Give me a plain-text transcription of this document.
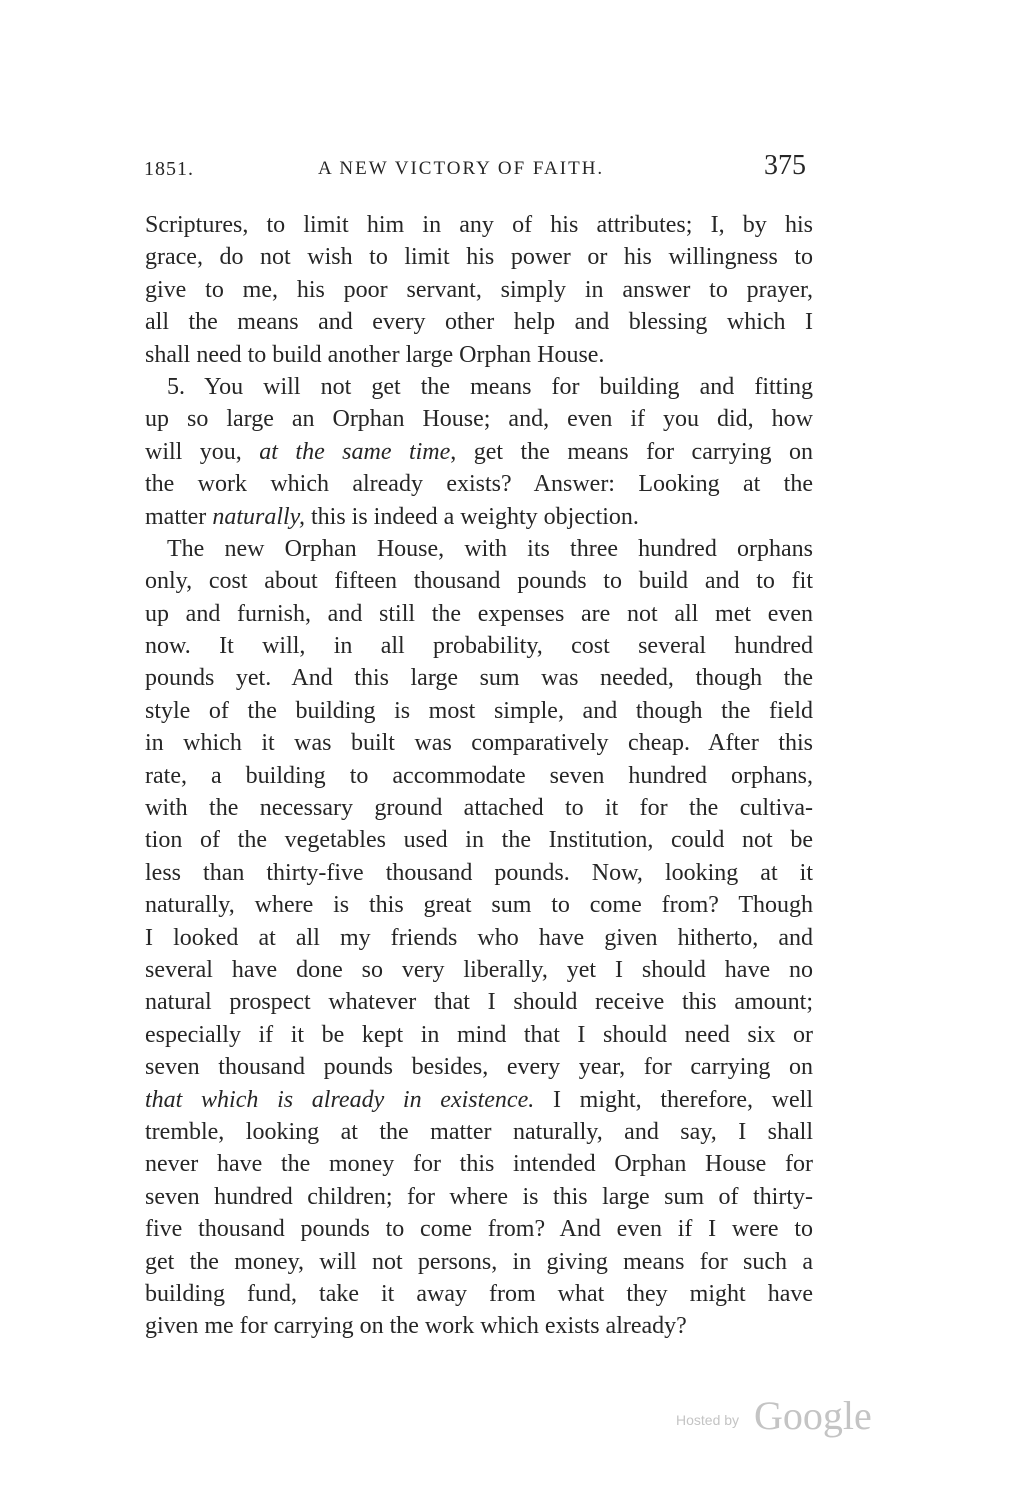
1851.	A NEW VICTORY OF FAITH.	375
Scriptures, to limit him in any of his attributes; I, by his
grace, do not wish to limit his power or his willingness to
give to me, his poor servant, simply in answer to prayer,
all the means and every other help and blessing which I
shall need to build another large Orphan House.
5. You will not get the means for building and fitting
up so large an Orphan House; and, even if you did, how
will you, at the same time, get the means for carrying on
the work which already exists? Answer: Looking at the
matter naturally, this is indeed a weighty objection.
The new Orphan House, with its three hundred orphans
only, cost about fifteen thousand pounds to build and to fit
up and furnish, and still the expenses are not all met even
now. It will, in all probability, cost several hundred
pounds yet. And this large sum was needed, though the
style of the building is most simple, and though the field
in which it was built was comparatively cheap. After this
rate, a building to accommodate seven hundred orphans,
with the necessary ground attached to it for the cultiva-
tion of the vegetables used in the Institution, could not be
less than thirty-five thousand pounds. Now, looking at it
naturally, where is this great sum to come from? Though
I looked at all my friends who have given hitherto, and
several have done so very liberally, yet I should have no
natural prospect whatever that I should receive this amount;
especially if it be kept in mind that I should need six or
seven thousand pounds besides, every year, for carrying on
that which is already in existence. I might, therefore, well
tremble, looking at the matter naturally, and say, I shall
never have the money for this intended Orphan House for
seven hundred children; for where is this large sum of thirty-
five thousand pounds to come from? And even if I were to
get the money, will not persons, in giving means for such a
building fund, take it away from what they might have
given me for carrying on the work which exists already?
Hosted by Google
